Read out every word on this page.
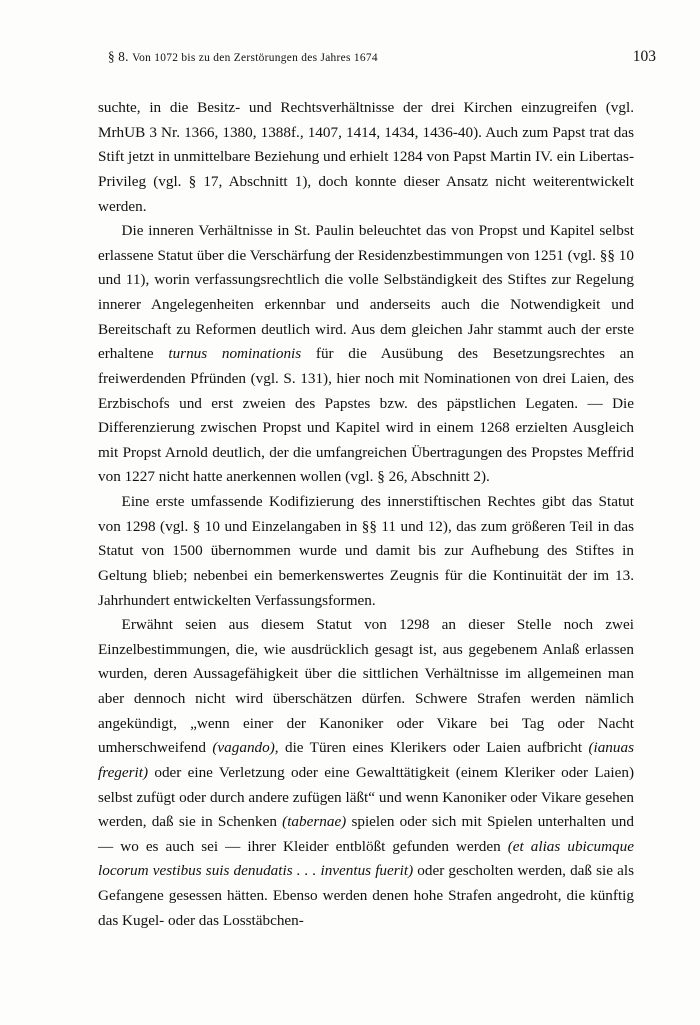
§ 8. Von 1072 bis zu den Zerstörungen des Jahres 1674	103

suchte, in die Besitz- und Rechtsverhältnisse der drei Kirchen einzugreifen (vgl. MrhUB 3 Nr. 1366, 1380, 1388f., 1407, 1414, 1434, 1436-40). Auch zum Papst trat das Stift jetzt in unmittelbare Beziehung und erhielt 1284 von Papst Martin IV. ein Libertas-Privileg (vgl. § 17, Abschnitt 1), doch konnte dieser Ansatz nicht weiterentwickelt werden.

Die inneren Verhältnisse in St. Paulin beleuchtet das von Propst und Kapitel selbst erlassene Statut über die Verschärfung der Residenzbestimmungen von 1251 (vgl. §§ 10 und 11), worin verfassungsrechtlich die volle Selbständigkeit des Stiftes zur Regelung innerer Angelegenheiten erkennbar und anderseits auch die Notwendigkeit und Bereitschaft zu Reformen deutlich wird. Aus dem gleichen Jahr stammt auch der erste erhaltene turnus nominationis für die Ausübung des Besetzungsrechtes an freiwerdenden Pfründen (vgl. S. 131), hier noch mit Nominationen von drei Laien, des Erzbischofs und erst zweien des Papstes bzw. des päpstlichen Legaten. — Die Differenzierung zwischen Propst und Kapitel wird in einem 1268 erzielten Ausgleich mit Propst Arnold deutlich, der die umfangreichen Übertragungen des Propstes Meffrid von 1227 nicht hatte anerkennen wollen (vgl. § 26, Abschnitt 2).

Eine erste umfassende Kodifizierung des innerstiftischen Rechtes gibt das Statut von 1298 (vgl. § 10 und Einzelangaben in §§ 11 und 12), das zum größeren Teil in das Statut von 1500 übernommen wurde und damit bis zur Aufhebung des Stiftes in Geltung blieb; nebenbei ein bemerkenswertes Zeugnis für die Kontinuität der im 13. Jahrhundert entwickelten Verfassungsformen.

Erwähnt seien aus diesem Statut von 1298 an dieser Stelle noch zwei Einzelbestimmungen, die, wie ausdrücklich gesagt ist, aus gegebenem Anlaß erlassen wurden, deren Aussagefähigkeit über die sittlichen Verhältnisse im allgemeinen man aber dennoch nicht wird überschätzen dürfen. Schwere Strafen werden nämlich angekündigt, „wenn einer der Kanoniker oder Vikare bei Tag oder Nacht umherschweifend (vagando), die Türen eines Klerikers oder Laien aufbricht (ianuas fregerit) oder eine Verletzung oder eine Gewalttätigkeit (einem Kleriker oder Laien) selbst zufügt oder durch andere zufügen läßt“ und wenn Kanoniker oder Vikare gesehen werden, daß sie in Schenken (tabernae) spielen oder sich mit Spielen unterhalten und — wo es auch sei — ihrer Kleider entblößt gefunden werden (et alias ubicumque locorum vestibus suis denudatis . . . inventus fuerit) oder gescholten werden, daß sie als Gefangene gesessen hätten. Ebenso werden denen hohe Strafen angedroht, die künftig das Kugel- oder das Losstäbchen-
